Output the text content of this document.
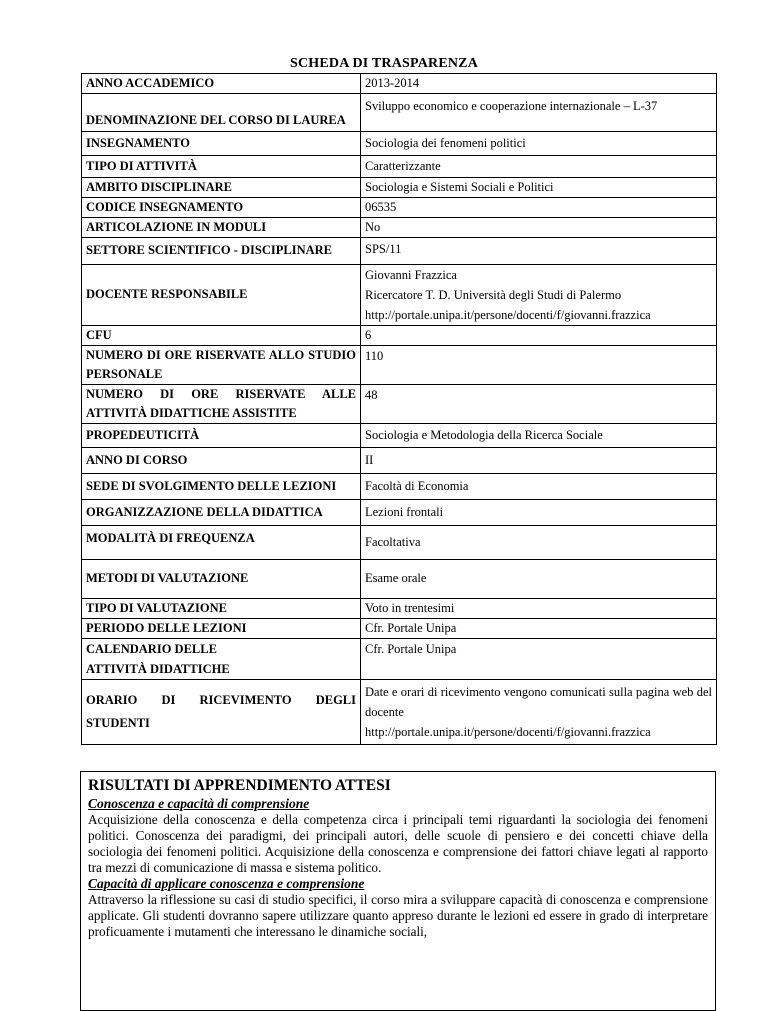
SCHEDA DI TRASPARENZA
ANNO ACCADEMICO	2013-2014
DENOMINAZIONE DEL CORSO DI LAUREA	Sviluppo economico e cooperazione internazionale – L-37
INSEGNAMENTO	Sociologia dei fenomeni politici
TIPO DI ATTIVITÀ	Caratterizzante
AMBITO DISCIPLINARE	Sociologia e Sistemi Sociali e Politici
CODICE INSEGNAMENTO	06535
ARTICOLAZIONE IN MODULI	No
SETTORE SCIENTIFICO - DISCIPLINARE	SPS/11
DOCENTE RESPONSABILE	Giovanni Frazzica
Ricercatore T. D. Università degli Studi di Palermo
http://portale.unipa.it/persone/docenti/f/giovanni.frazzica

CFU	6
NUMERO DI ORE RISERVATE ALLO STUDIO PERSONALE	110
NUMERO DI ORE RISERVATE ALLE ATTIVITÀ DIDATTICHE ASSISTITE	48
PROPEDEUTICITÀ	Sociologia e Metodologia della Ricerca Sociale
ANNO DI CORSO	II
SEDE DI SVOLGIMENTO DELLE LEZIONI	Facoltà di Economia
ORGANIZZAZIONE DELLA DIDATTICA	Lezioni frontali
MODALITÀ DI FREQUENZA	Facoltativa
METODI DI VALUTAZIONE	Esame orale
TIPO DI VALUTAZIONE	Voto in trentesimi
PERIODO DELLE LEZIONI	Cfr. Portale Unipa
CALENDARIO DELLE ATTIVITÀ DIDATTICHE	Cfr. Portale Unipa
ORARIO DI RICEVIMENTO DEGLI STUDENTI	Date e orari di ricevimento vengono comunicati sulla pagina web del docente
http://portale.unipa.it/persone/docenti/f/giovanni.frazzica
RISULTATI DI APPRENDIMENTO ATTESI
Conoscenza e capacità di comprensione

Acquisizione della conoscenza e della competenza circa i principali temi riguardanti la sociologia dei fenomeni politici. Conoscenza dei paradigmi, dei principali autori, delle scuole di pensiero e dei concetti chiave della sociologia dei fenomeni politici. Acquisizione della conoscenza e comprensione dei fattori chiave legati al rapporto tra mezzi di comunicazione di massa e sistema politico.

Capacità di applicare conoscenza e comprensione

Attraverso la riflessione su casi di studio specifici, il corso mira a sviluppare capacità di conoscenza e comprensione applicate. Gli studenti dovranno sapere utilizzare quanto appreso durante le lezioni ed essere in grado di interpretare proficuamente i mutamenti che interessano le dinamiche sociali,
